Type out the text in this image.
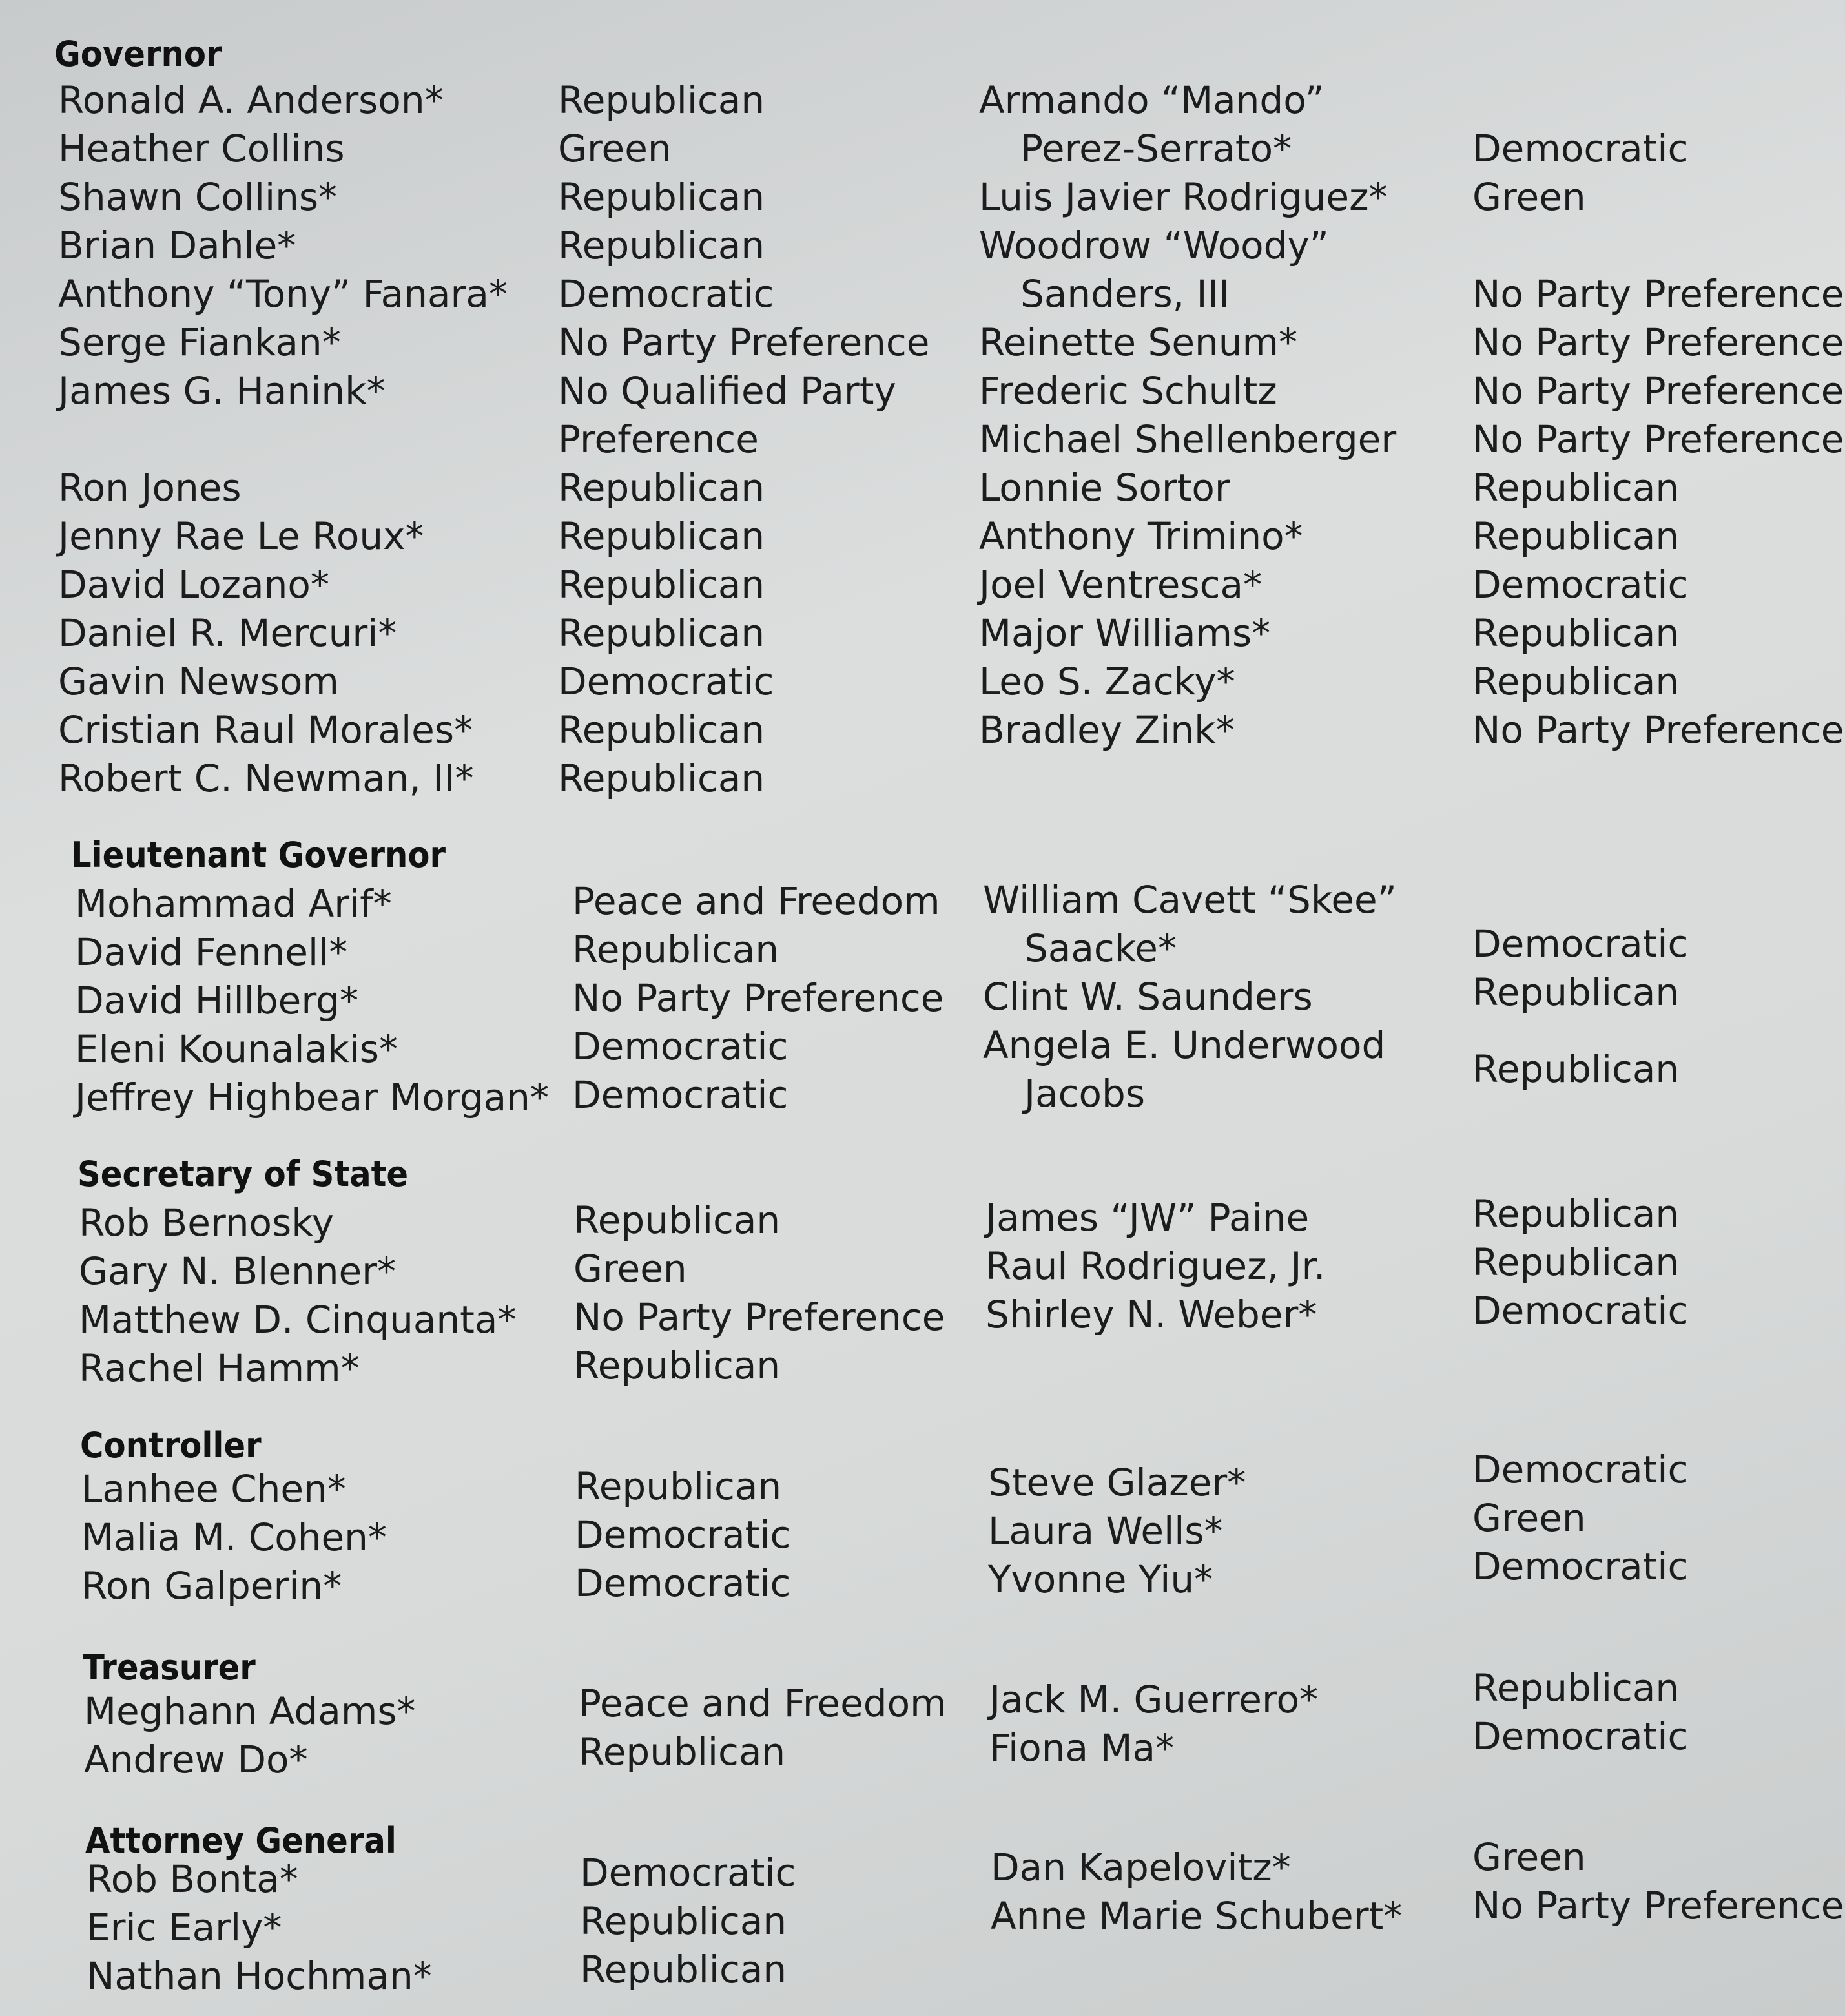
Governor
Ronald A. Anderson*
Heather Collins
Shawn Collins*
Brian Dahle*
Anthony “Tony” Fanara*
Serge Fiankan*
James G. Hanink*
Ron Jones
Jenny Rae Le Roux*
David Lozano*
Daniel R. Mercuri*
Gavin Newsom
Cristian Raul Morales*
Robert C. Newman, II*
Republican
Green
Republican
Republican
Democratic
No Party Preference
No Qualified Party
Preference
Republican
Republican
Republican
Republican
Democratic
Republican
Republican
Armando “Mando”
Perez-Serrato*
Luis Javier Rodriguez*
Woodrow “Woody”
Sanders, III
Reinette Senum*
Frederic Schultz
Michael Shellenberger
Lonnie Sortor
Anthony Trimino*
Joel Ventresca*
Major Williams*
Leo S. Zacky*
Bradley Zink*
Democratic
Green
No Party Preference
No Party Preference
No Party Preference
No Party Preference
Republican
Republican
Democratic
Republican
Republican
No Party Preference
Lieutenant Governor
Mohammad Arif*
David Fennell*
David Hillberg*
Eleni Kounalakis*
Jeffrey Highbear Morgan*
Peace and Freedom
Republican
No Party Preference
Democratic
Democratic
William Cavett “Skee”
Saacke*
Clint W. Saunders
Angela E. Underwood
Jacobs
Democratic
Republican
Republican
Secretary of State
Rob Bernosky
Gary N. Blenner*
Matthew D. Cinquanta*
Rachel Hamm*
Republican
Green
No Party Preference
Republican
James “JW” Paine
Raul Rodriguez, Jr.
Shirley N. Weber*
Republican
Republican
Democratic
Controller
Lanhee Chen*
Malia M. Cohen*
Ron Galperin*
Republican
Democratic
Democratic
Steve Glazer*
Laura Wells*
Yvonne Yiu*
Democratic
Green
Democratic
Treasurer
Meghann Adams*
Andrew Do*
Peace and Freedom
Republican
Jack M. Guerrero*
Fiona Ma*
Republican
Democratic
Attorney General
Rob Bonta*
Eric Early*
Nathan Hochman*
Democratic
Republican
Republican
Dan Kapelovitz*
Anne Marie Schubert*
Green
No Party Preference
